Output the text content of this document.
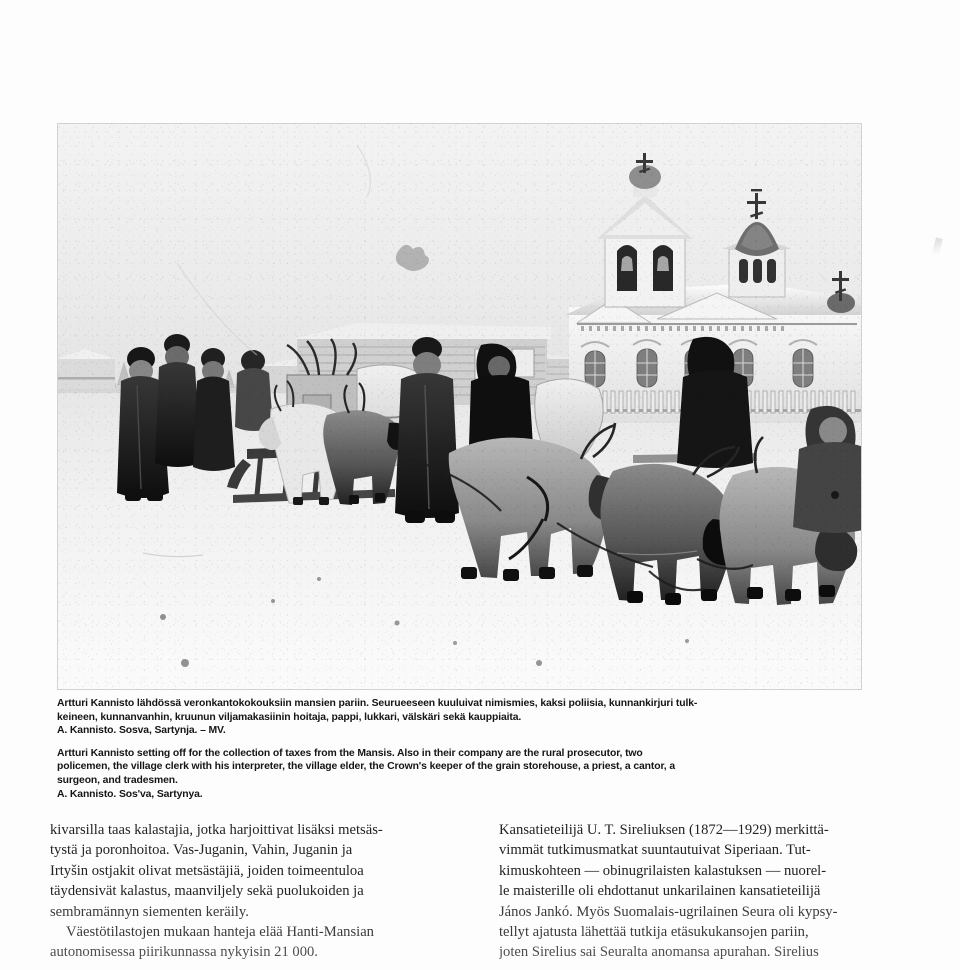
Artturi Kannisto lähdössä veronkantokokouksiin mansien pariin. Seurueeseen kuuluivat nimismies, kaksi poliisia, kunnankirjuri tulk-

keineen, kunnanvanhin, kruunun viljamakasiinin hoitaja, pappi, lukkari, välskäri sekä kauppiaita.

A. Kannisto. Sosva, Sartynja. – MV.

Artturi Kannisto setting off for the collection of taxes from the Mansis. Also in their company are the rural prosecutor, two

policemen, the village clerk with his interpreter, the village elder, the Crown's keeper of the grain storehouse, a priest, a cantor, a

surgeon, and tradesmen.

A. Kannisto. Sos'va, Sartynya.

kivarsilla taas kalastajia, jotka harjoittivat lisäksi metsäs-

tystä ja poronhoitoa. Vas-Juganin, Vahin, Juganin ja

Irtyšin ostjakit olivat metsästäjiä, joiden toimeentuloa

täydensivät kalastus, maanviljely sekä puolukoiden ja

sembramännyn siementen keräily.

Väestötilastojen mukaan hanteja elää Hanti-Mansian

autonomisessa piirikunnassa nykyisin 21 000.

Kansatieteilijä U. T. Sireliuksen (1872—1929) merkittä-

vimmät tutkimusmatkat suuntautuivat Siperiaan. Tut-

kimuskohteen — obinugrilaisten kalastuksen — nuorel-

le maisterille oli ehdottanut unkarilainen kansatieteilijä

János Jankó. Myös Suomalais-ugrilainen Seura oli kypsy-

tellyt ajatusta lähettää tutkija etäsukukansojen pariin,

joten Sirelius sai Seuralta anomansa apurahan. Sirelius
